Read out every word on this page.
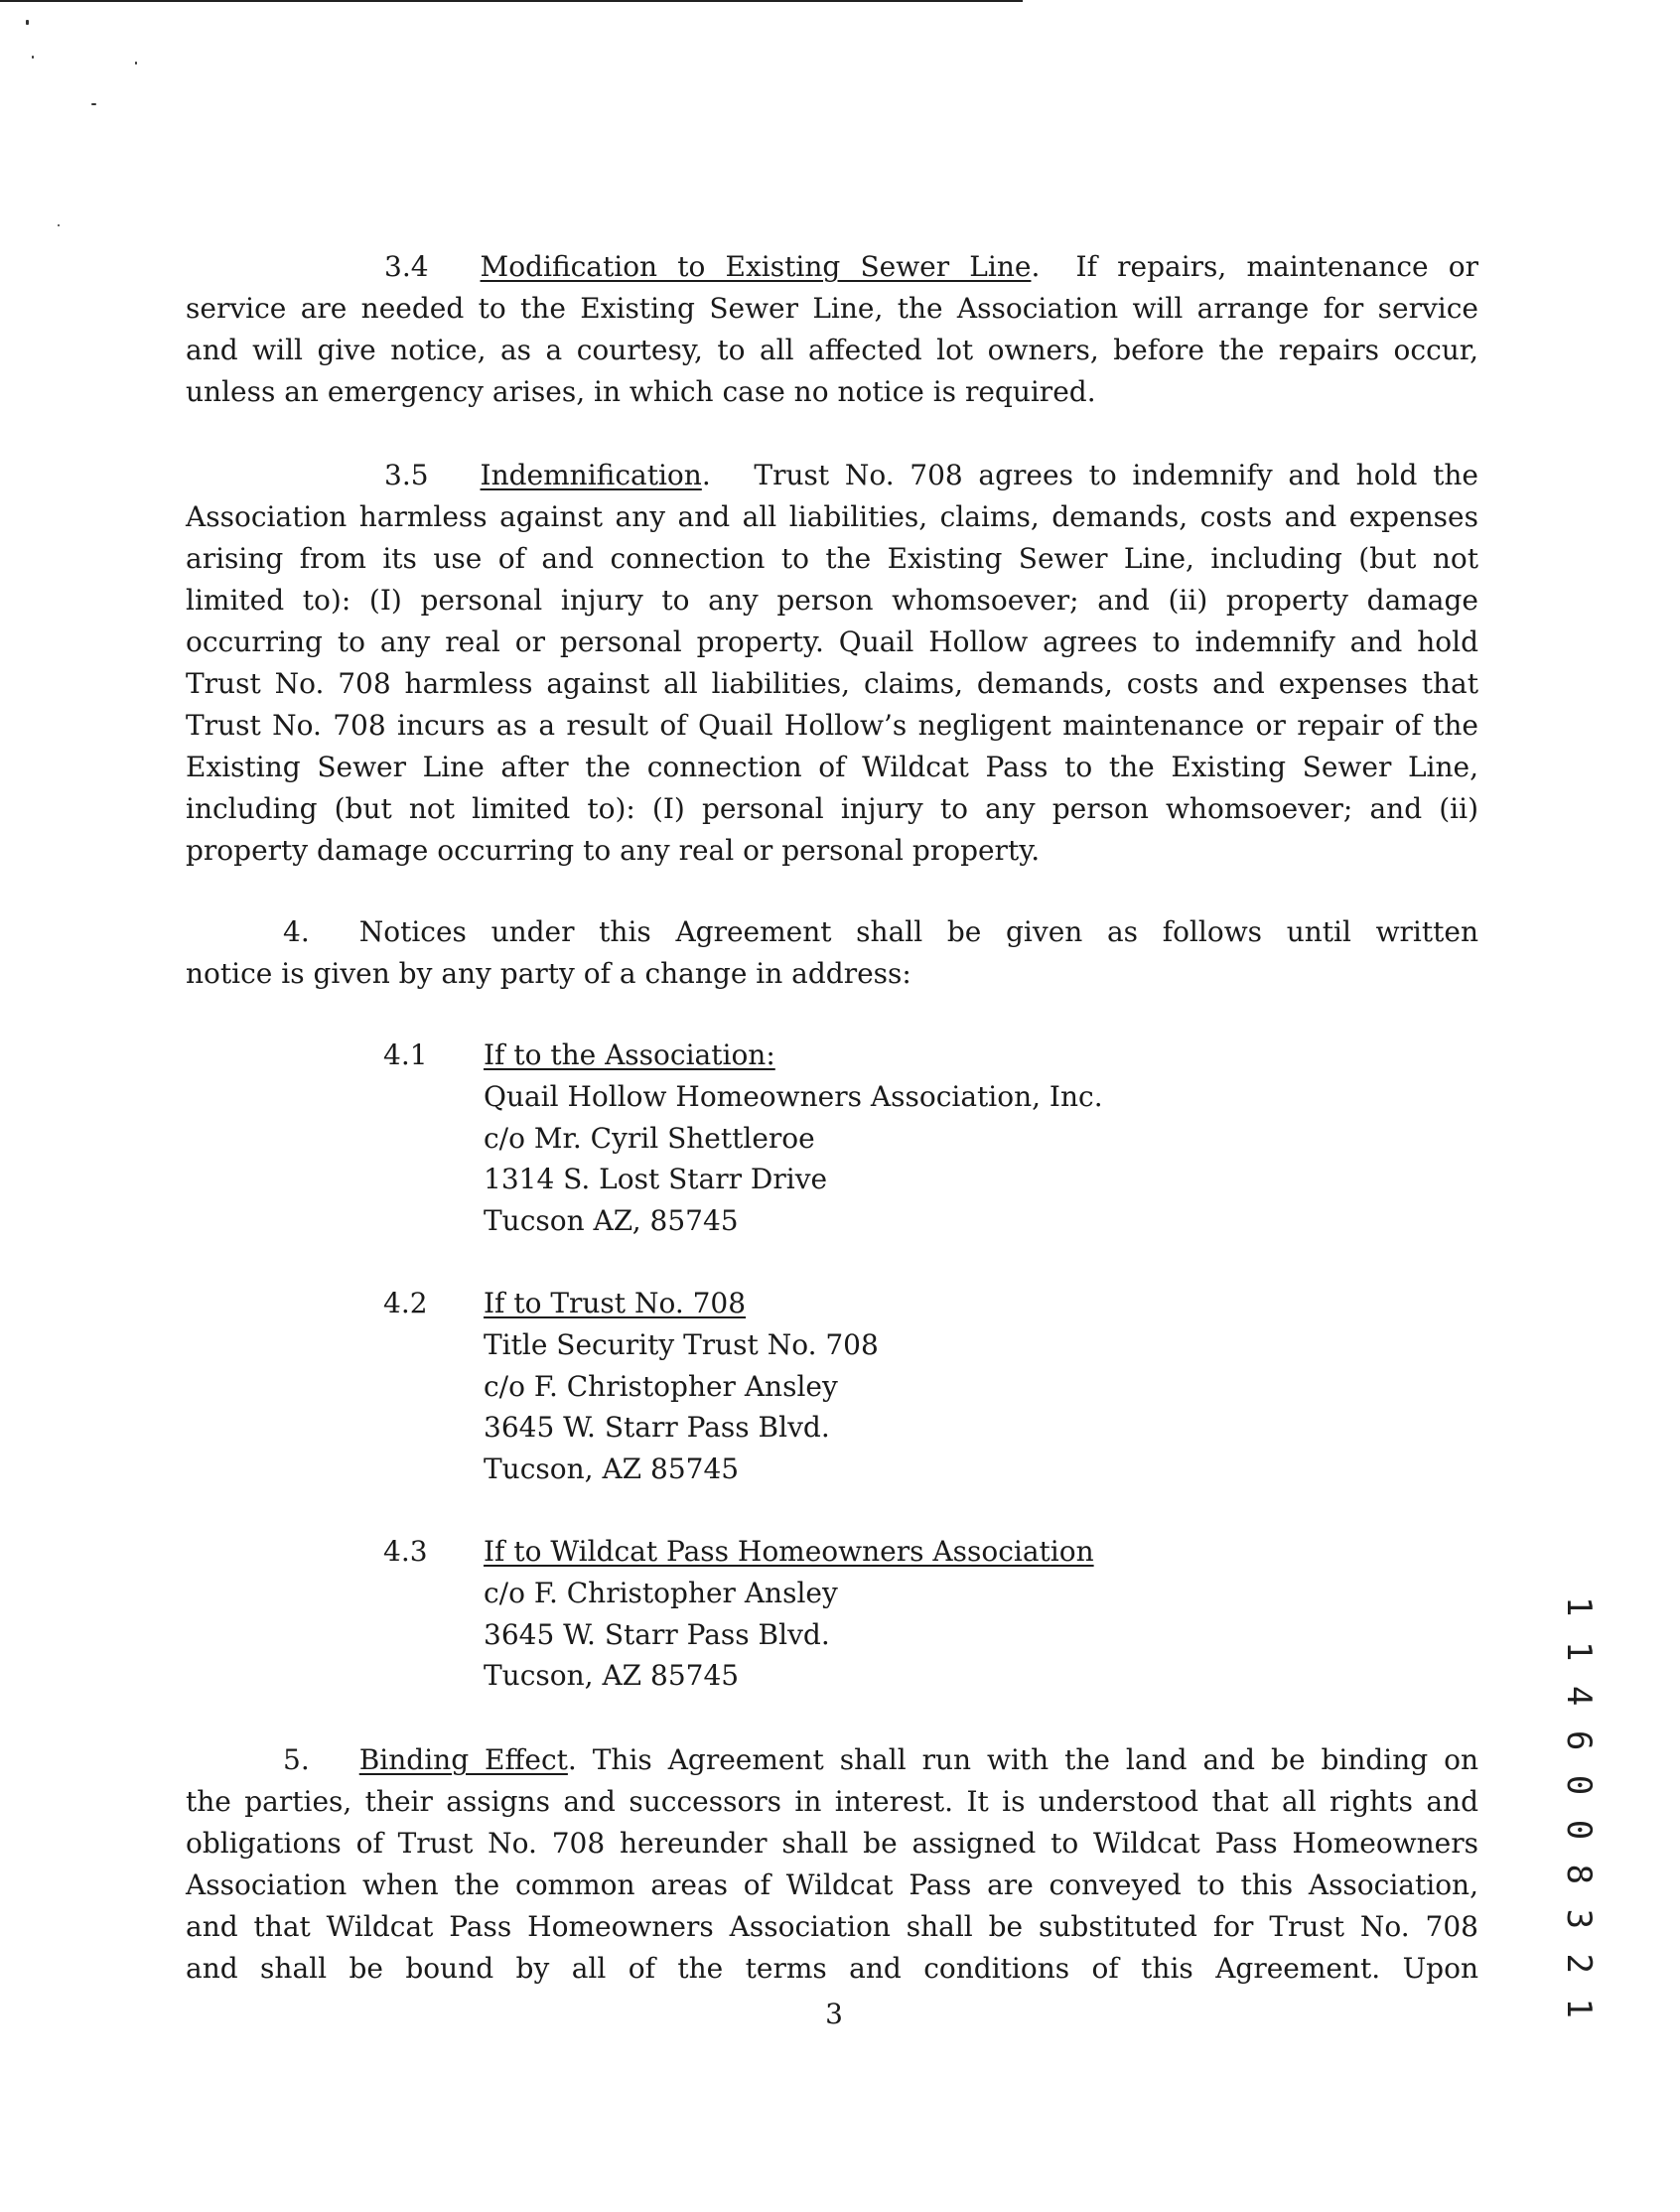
3.4 Modification to Existing Sewer Line. If repairs, maintenance or
service are needed to the Existing Sewer Line, the Association will arrange for service
and will give notice, as a courtesy, to all affected lot owners, before the repairs occur,
unless an emergency arises, in which case no notice is required.
3.5 Indemnification. Trust No. 708 agrees to indemnify and hold the
Association harmless against any and all liabilities, claims, demands, costs and expenses
arising from its use of and connection to the Existing Sewer Line, including (but not
limited to): (I) personal injury to any person whomsoever; and (ii) property damage
occurring to any real or personal property. Quail Hollow agrees to indemnify and hold
Trust No. 708 harmless against all liabilities, claims, demands, costs and expenses that
Trust No. 708 incurs as a result of Quail Hollow’s negligent maintenance or repair of the
Existing Sewer Line after the connection of Wildcat Pass to the Existing Sewer Line,
including (but not limited to): (I) personal injury to any person whomsoever; and (ii)
property damage occurring to any real or personal property.
4. Notices under this Agreement shall be given as follows until written
notice is given by any party of a change in address:
4.1 If to the Association:
Quail Hollow Homeowners Association, Inc.
c/o Mr. Cyril Shettleroe
1314 S. Lost Starr Drive
Tucson AZ, 85745
4.2 If to Trust No. 708
Title Security Trust No. 708
c/o F. Christopher Ansley
3645 W. Starr Pass Blvd.
Tucson, AZ 85745
4.3 If to Wildcat Pass Homeowners Association
c/o F. Christopher Ansley
3645 W. Starr Pass Blvd.
Tucson, AZ 85745
5. Binding Effect. This Agreement shall run with the land and be binding on
the parties, their assigns and successors in interest. It is understood that all rights and
obligations of Trust No. 708 hereunder shall be assigned to Wildcat Pass Homeowners
Association when the common areas of Wildcat Pass are conveyed to this Association,
and that Wildcat Pass Homeowners Association shall be substituted for Trust No. 708
and shall be bound by all of the terms and conditions of this Agreement. Upon
3	1 1 4 6 0 0 8 3 2 1
